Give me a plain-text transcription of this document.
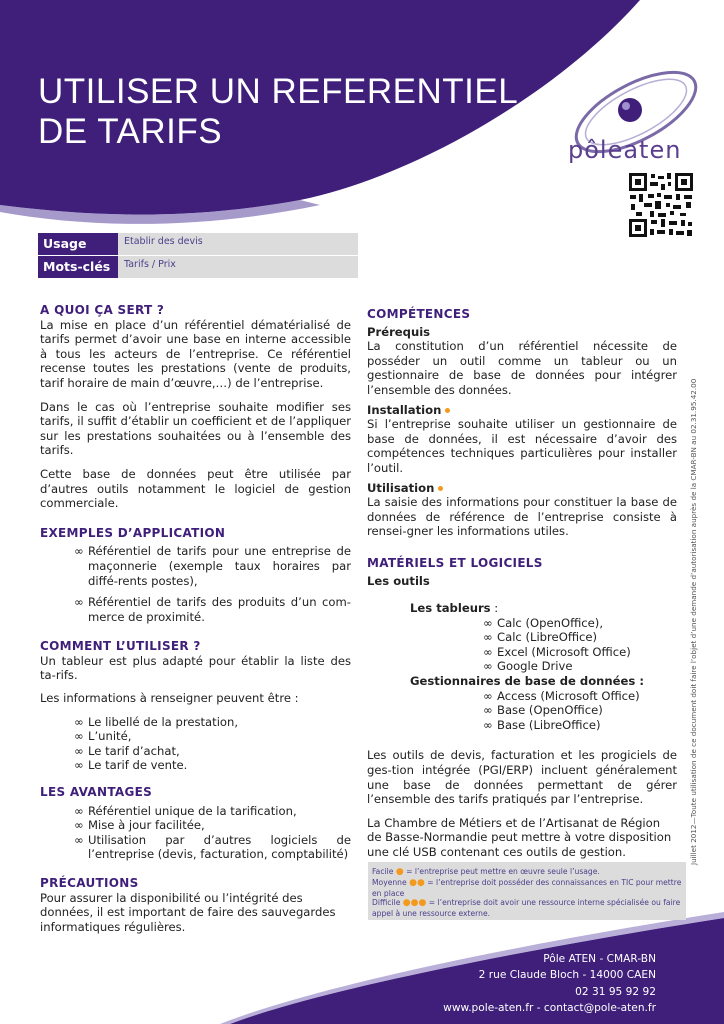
UTILISER UN REFERENTIEL DE TARIFS	pôleaten
Usage	Etablir des devis
Mots-clés	Tarifs / Prix

A QUOI ÇA SERT ?

La mise en place d’un référentiel dématérialisé de tarifs permet d’avoir une base en interne accessible à tous les acteurs de l’entreprise. Ce référentiel recense toutes les prestations (vente de produits, tarif horaire de main d’œuvre,…) de l’entreprise.

Dans le cas où l’entreprise souhaite modifier ses tarifs, il suffit d’établir un coefficient et de l’appliquer sur les prestations souhaitées ou à l’ensemble des tarifs.

Cette base de données peut être utilisée par d’autres outils notamment le logiciel de gestion commerciale.

EXEMPLES D’APPLICATION

∞ Référentiel de tarifs pour une entreprise de maçonnerie (exemple taux horaires par diffé-rents postes),
∞ Référentiel de tarifs des produits d’un com-merce de proximité.

COMMENT L’UTILISER ?

Un tableur est plus adapté pour établir la liste des ta-rifs.

Les informations à renseigner peuvent être :

∞ Le libellé de la prestation,
∞ L’unité,
∞ Le tarif d’achat,
∞ Le tarif de vente.

LES AVANTAGES

∞ Référentiel unique de la tarification,
∞ Mise à jour facilitée,
∞ Utilisation par d’autres logiciels de l’entreprise (devis, facturation, comptabilité)

PRÉCAUTIONS

Pour assurer la disponibilité ou l’intégrité des données, il est important de faire des sauvegardes informatiques régulières.

COMPÉTENCES

Prérequis

La constitution d’un référentiel nécessite de posséder un outil comme un tableur ou un gestionnaire de base de données pour intégrer l’ensemble des données.

Installation

Si l’entreprise souhaite utiliser un gestionnaire de base de données, il est nécessaire d’avoir des compétences techniques particulières pour installer l’outil.

Utilisation

La saisie des informations pour constituer la base de données de référence de l’entreprise consiste à rensei-gner les informations utiles.

MATÉRIELS ET LOGICIELS

Les outils
Les tableurs :
∞ Calc (OpenOffice),
∞ Calc (LibreOffice)
∞ Excel (Microsoft Office)
∞ Google Drive
Gestionnaires de base de données :
∞ Access (Microsoft Office)
∞ Base (OpenOffice)
∞ Base (LibreOffice)

Les outils de devis, facturation et les progiciels de ges-tion intégrée (PGI/ERP) incluent généralement une base de données permettant de gérer l’ensemble des tarifs pratiqués par l’entreprise.

La Chambre de Métiers et de l’Artisanat de Région de Basse-Normandie peut mettre à votre disposition une clé USB contenant ces outils de gestion.

Facile ● = l’entreprise peut mettre en œuvre seule l’usage.
Moyenne ●● = l’entreprise doit posséder des connaissances en TIC pour mettre en place
Difficile ●●● = l’entreprise doit avoir une ressource interne spécialisée ou faire appel à une ressource externe.
Pôle ATEN - CMAR-BN
2 rue Claude Bloch - 14000 CAEN
02 31 95 92 92
www.pole-aten.fr - contact@pole-aten.fr
Juillet 2012—Toute utilisation de ce document doit faire l’objet d’une demande d’autorisation auprès de la CMAR-BN au 02.31.95.42.00
